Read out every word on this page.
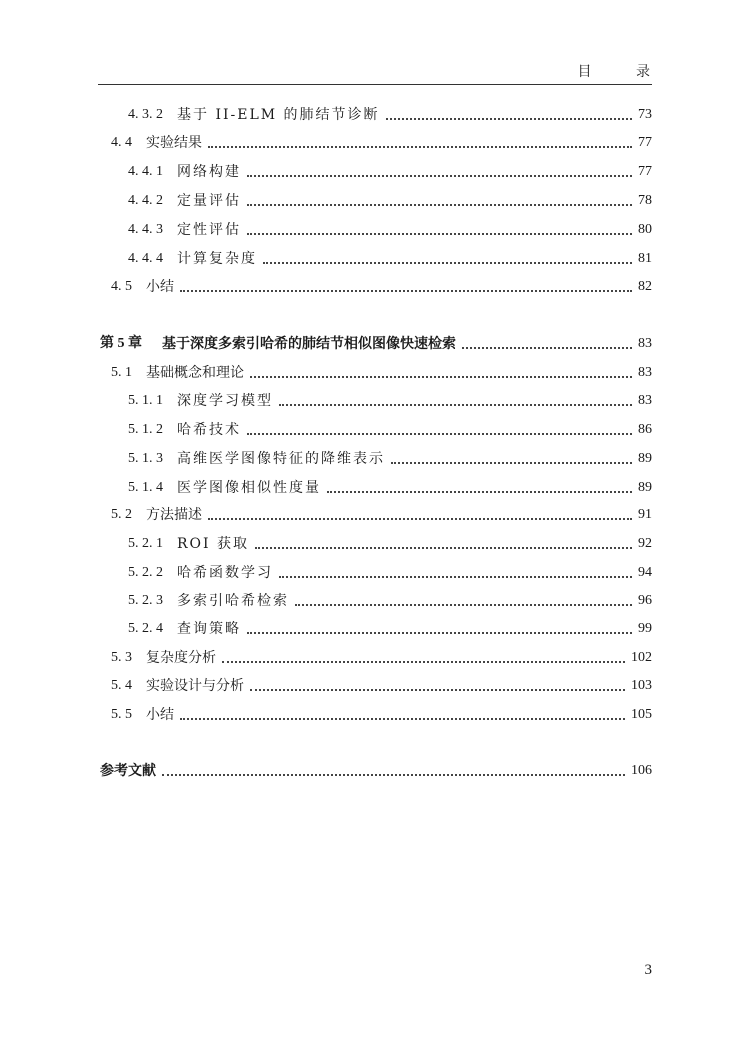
目 录
4. 3. 2 基于 II-ELM 的肺结节诊断	73
4. 4 实验结果	77
4. 4. 1 网络构建	77
4. 4. 2 定量评估	78
4. 4. 3 定性评估	80
4. 4. 4 计算复杂度	81
4. 5 小结	82
第 5 章 基于深度多索引哈希的肺结节相似图像快速检索	83
5. 1 基础概念和理论	83
5. 1. 1 深度学习模型	83
5. 1. 2 哈希技术	86
5. 1. 3 高维医学图像特征的降维表示	89
5. 1. 4 医学图像相似性度量	89
5. 2 方法描述	91
5. 2. 1 ROI 获取	92
5. 2. 2 哈希函数学习	94
5. 2. 3 多索引哈希检索	96
5. 2. 4 查询策略	99
5. 3 复杂度分析	102
5. 4 实验设计与分析	103
5. 5 小结	105
参考文献	106
3
